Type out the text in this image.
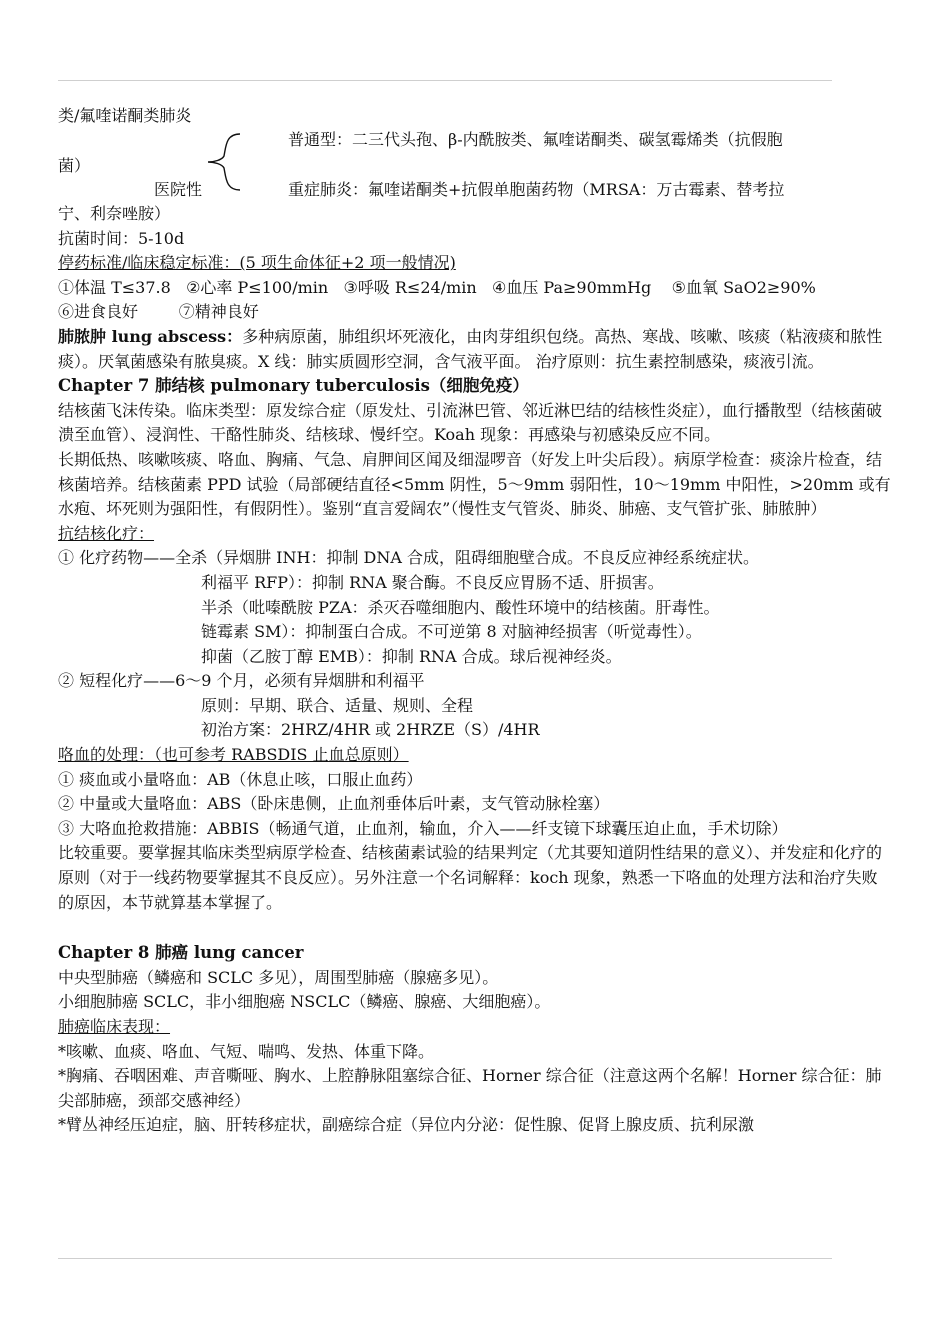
类/氟喹诺酮类肺炎
普通型：二三代头孢、β-内酰胺类、氟喹诺酮类、碳氢霉烯类（抗假胞
菌）
医院性	重症肺炎：氟喹诺酮类+抗假单胞菌药物（MRSA：万古霉素、替考拉

宁、利奈唑胺）

抗菌时间：5-10d

停药标准/临床稳定标准：(5 项生命体征+2 项一般情况)

①体温 T≤37.8 ②心率 P≤100/min ③呼吸 R≤24/min ④血压 Pa≥90mmHg ⑤血氧 SaO2≥90%

⑥进食良好	⑦精神良好

肺脓肿 lung abscess：多种病原菌，肺组织坏死液化，由肉芽组织包绕。高热、寒战、咳嗽、咳痰（粘液痰和脓性痰）。厌氧菌感染有脓臭痰。X 线：肺实质圆形空洞，含气液平面。 治疗原则：抗生素控制感染，痰液引流。

Chapter 7 肺结核 pulmonary tuberculosis（细胞免疫）

结核菌飞沫传染。临床类型：原发综合症（原发灶、引流淋巴管、邻近淋巴结的结核性炎症），血行播散型（结核菌破溃至血管）、浸润性、干酪性肺炎、结核球、慢纤空。Koah 现象：再感染与初感染反应不同。

长期低热、咳嗽咳痰、咯血、胸痛、气急、肩胛间区闻及细湿啰音（好发上叶尖后段）。病原学检查：痰涂片检查，结核菌培养。结核菌素 PPD 试验（局部硬结直径<5mm 阴性，5～9mm 弱阳性，10～19mm 中阳性，>20mm 或有水疱、坏死则为强阳性，有假阴性）。鉴别“直言爱阔农”（慢性支气管炎、肺炎、肺癌、支气管扩张、肺脓肿）

抗结核化疗：

① 化疗药物——全杀（异烟肼 INH：抑制 DNA 合成，阻碍细胞壁合成。不良反应神经系统症状。

利福平 RFP）：抑制 RNA 聚合酶。不良反应胃肠不适、肝损害。

半杀（吡嗪酰胺 PZA：杀灭吞噬细胞内、酸性环境中的结核菌。肝毒性。

链霉素 SM）：抑制蛋白合成。不可逆第 8 对脑神经损害（听觉毒性）。

抑菌（乙胺丁醇 EMB）：抑制 RNA 合成。球后视神经炎。

② 短程化疗——6～9 个月，必须有异烟肼和利福平

原则：早期、联合、适量、规则、全程

初治方案：2HRZ/4HR 或 2HRZE（S）/4HR

咯血的处理：（也可参考 RABSDIS 止血总原则）

① 痰血或小量咯血：AB（休息止咳，口服止血药）

② 中量或大量咯血：ABS（卧床患侧，止血剂垂体后叶素，支气管动脉栓塞）

③ 大咯血抢救措施：ABBIS（畅通气道，止血剂，输血，介入——纤支镜下球囊压迫止血，手术切除）

比较重要。要掌握其临床类型病原学检查、结核菌素试验的结果判定（尤其要知道阴性结果的意义）、并发症和化疗的原则（对于一线药物要掌握其不良反应）。另外注意一个名词解释：koch 现象，熟悉一下咯血的处理方法和治疗失败的原因，本节就算基本掌握了。

Chapter 8 肺癌 lung cancer

中央型肺癌（鳞癌和 SCLC 多见），周围型肺癌（腺癌多见）。

小细胞肺癌 SCLC，非小细胞癌 NSCLC（鳞癌、腺癌、大细胞癌）。

肺癌临床表现：

*咳嗽、血痰、咯血、气短、喘鸣、发热、体重下降。

*胸痛、吞咽困难、声音嘶哑、胸水、上腔静脉阻塞综合征、Horner 综合征（注意这两个名解！Horner 综合征：肺尖部肺癌，颈部交感神经）

*臂丛神经压迫症，脑、肝转移症状，副癌综合症（异位内分泌：促性腺、促肾上腺皮质、抗利尿激
